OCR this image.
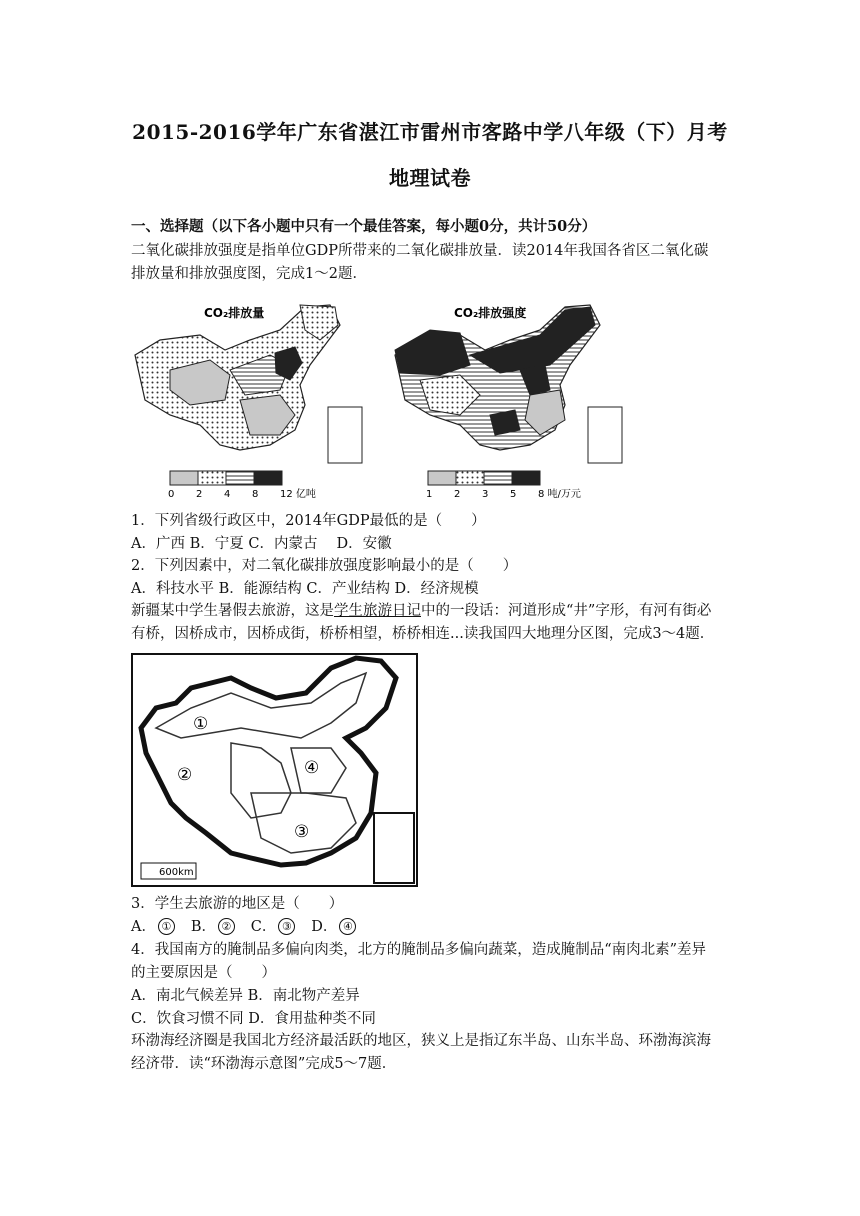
2015-2016学年广东省湛江市雷州市客路中学八年级（下）月考
地理试卷
一、选择题（以下各小题中只有一个最佳答案，每小题0分，共计50分）
二氧化碳排放强度是指单位GDP所带来的二氧化碳排放量．读2014年我国各省区二氧化碳
排放量和排放强度图，完成1～2题．
CO₂排放量
0 2 4 8 12 亿吨
CO₂排放强度
1 2 3 5 8 吨/万元
1．下列省级行政区中，2014年GDP最低的是（　　）
A．广西 B．宁夏 C．内蒙古　 D．安徽
2．下列因素中，对二氧化碳排放强度影响最小的是（　　）
A．科技水平 B．能源结构 C．产业结构 D．经济规模
新疆某中学生暑假去旅游，这是学生旅游日记中的一段话：河道形成“井”字形，有河有街必
有桥，因桥成市，因桥成街，桥桥相望，桥桥相连...读我国四大地理分区图，完成3～4题．
①
②
③
④
600km
3．学生去旅游的地区是（　　）
A． ① B． ② C． ③ D． ④
4．我国南方的腌制品多偏向肉类，北方的腌制品多偏向蔬菜，造成腌制品“南肉北素”差异
的主要原因是（　　）
A．南北气候差异 B．南北物产差异
C．饮食习惯不同 D．食用盐种类不同
环渤海经济圈是我国北方经济最活跃的地区，狭义上是指辽东半岛、山东半岛、环渤海滨海
经济带．读“环渤海示意图”完成5～7题．
